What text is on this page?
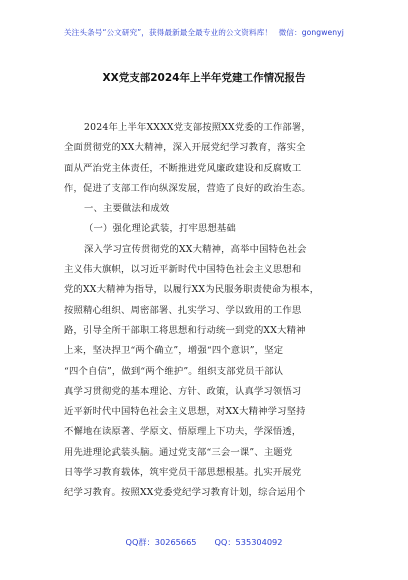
关注头条号“公文研究”，获得最新最全最专业的公文资料库！ 微信：gongwenyj
XX党支部2024年上半年党建工作情况报告
2024年上半年XXXX党支部按照XX党委的工作部署，
全面贯彻党的XX大精神，深入开展党纪学习教育，落实全
面从严治党主体责任，不断推进党风廉政建设和反腐败工
作，促进了支部工作向纵深发展，营造了良好的政治生态。
一、主要做法和成效
（一）强化理论武装，打牢思想基础
深入学习宣传贯彻党的XX大精神，高举中国特色社会
主义伟大旗帜，以习近平新时代中国特色社会主义思想和
党的XX大精神为指导，以履行XX为民服务职责使命为根本，
按照精心组织、周密部署、扎实学习、学以致用的工作思
路，引导全所干部职工将思想和行动统一到党的XX大精神
上来，坚决捍卫“两个确立”，增强“四个意识”，坚定
“四个自信”，做到“两个维护”。组织支部党员干部认
真学习贯彻党的基本理论、方针、政策，认真学习领悟习
近平新时代中国特色社会主义思想，对XX大精神学习坚持
不懈地在读原著、学原文、悟原理上下功夫，学深悟透，
用先进理论武装头脑。通过党支部“三会一课”、主题党
日等学习教育载体，筑牢党员干部思想根基。扎实开展党
纪学习教育。按照XX党委党纪学习教育计划，综合运用个
QQ群：30265665 QQ：535304092
